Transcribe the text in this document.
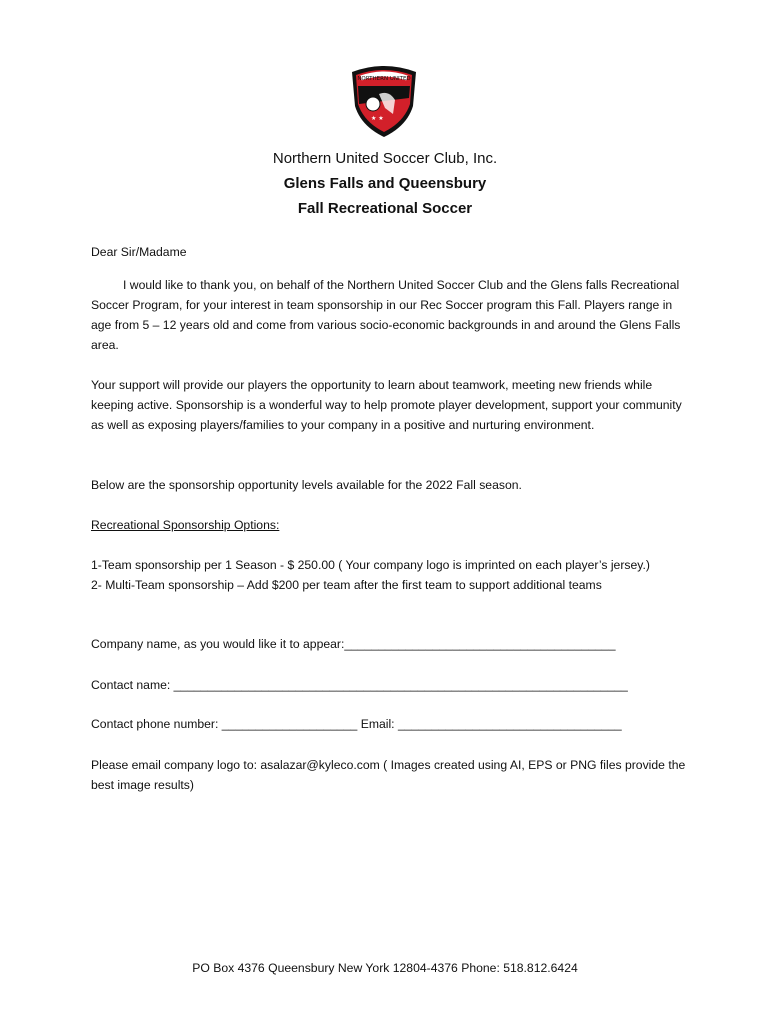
NORTHERN UNITED
★ ★
Northern United Soccer Club, Inc.
Glens Falls and Queensbury
Fall Recreational Soccer
Dear Sir/Madame
I would like to thank you, on behalf of the Northern United Soccer Club and the Glens falls Recreational Soccer Program, for your interest in team sponsorship in our Rec Soccer program this Fall. Players range in age from 5 – 12 years old and come from various socio-economic backgrounds in and around the Glens Falls area.
Your support will provide our players the opportunity to learn about teamwork, meeting new friends while keeping active. Sponsorship is a wonderful way to help promote player development, support your community as well as exposing players/families to your company in a positive and nurturing environment.
Below are the sponsorship opportunity levels available for the 2022 Fall season.
Recreational Sponsorship Options:
1-Team sponsorship per 1 Season - $ 250.00 ( Your company logo is imprinted on each player’s jersey.)
2- Multi-Team sponsorship – Add $200 per team after the first team to support additional teams
Company name, as you would like it to appear:________________________________________
Contact name: ___________________________________________________________________
Contact phone number: ____________________ Email: _________________________________
Please email company logo to: asalazar@kyleco.com ( Images created using AI, EPS or PNG files provide the best image results)
PO Box 4376 Queensbury New York 12804-4376 Phone: 518.812.6424
